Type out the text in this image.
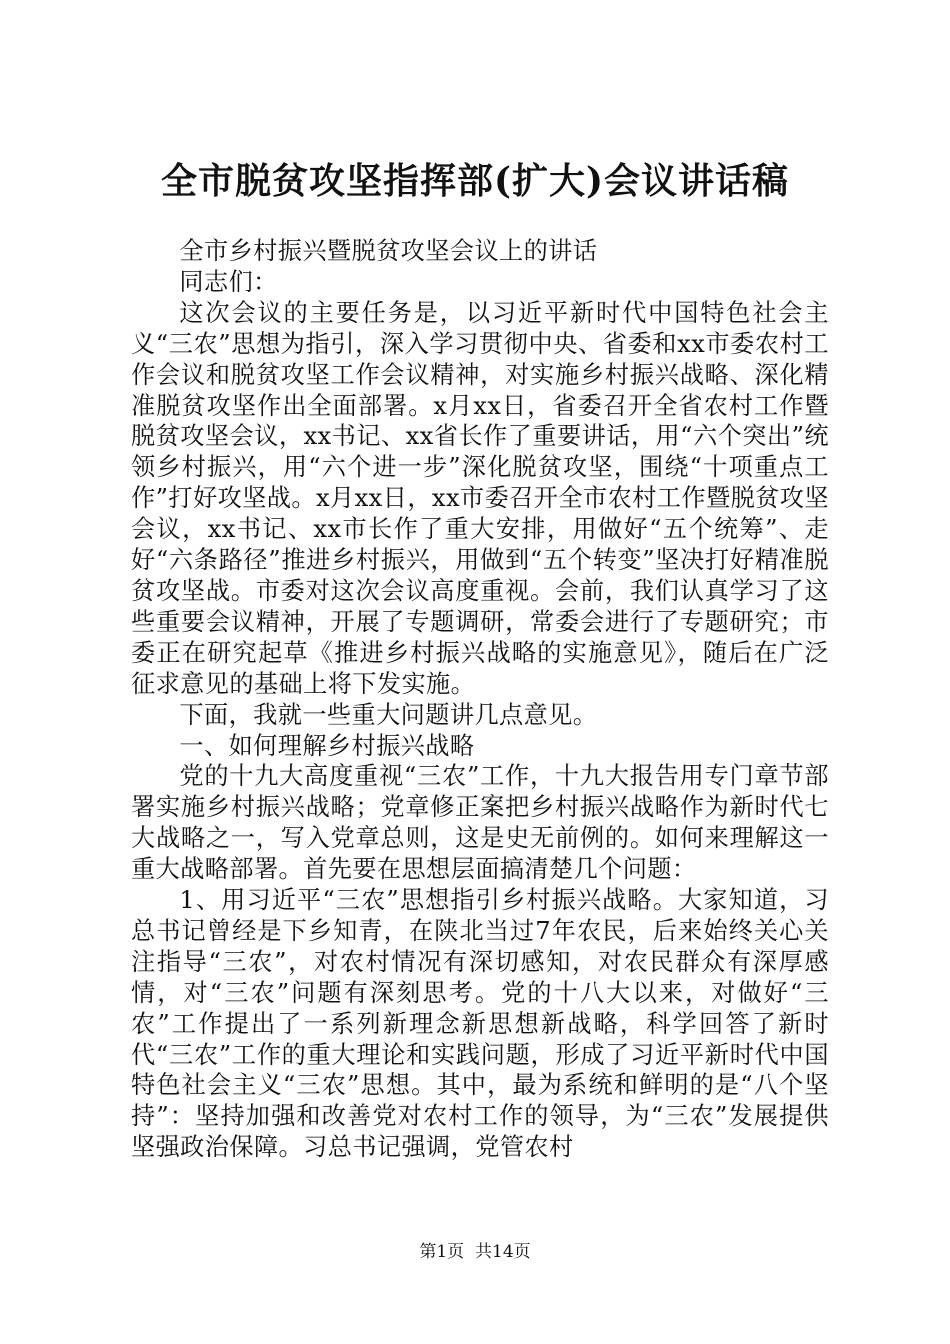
全市脱贫攻坚指挥部(扩大)会议讲话稿

全市乡村振兴暨脱贫攻坚会议上的讲话

同志们：

这次会议的主要任务是，以习近平新时代中国特色社会主义“三农”思想为指引，深入学习贯彻中央、省委和xx市委农村工作会议和脱贫攻坚工作会议精神，对实施乡村振兴战略、深化精准脱贫攻坚作出全面部署。x月xx日，省委召开全省农村工作暨脱贫攻坚会议，xx书记、xx省长作了重要讲话，用“六个突出”统领乡村振兴，用“六个进一步”深化脱贫攻坚，围绕“十项重点工作”打好攻坚战。x月xx日，xx市委召开全市农村工作暨脱贫攻坚会议，xx书记、xx市长作了重大安排，用做好“五个统筹”、走好“六条路径”推进乡村振兴，用做到“五个转变”坚决打好精准脱贫攻坚战。市委对这次会议高度重视。会前，我们认真学习了这些重要会议精神，开展了专题调研，常委会进行了专题研究；市委正在研究起草《推进乡村振兴战略的实施意见》，随后在广泛征求意见的基础上将下发实施。

下面，我就一些重大问题讲几点意见。

一、如何理解乡村振兴战略

党的十九大高度重视“三农”工作，十九大报告用专门章节部署实施乡村振兴战略；党章修正案把乡村振兴战略作为新时代七大战略之一，写入党章总则，这是史无前例的。如何来理解这一重大战略部署。首先要在思想层面搞清楚几个问题：

1、用习近平“三农”思想指引乡村振兴战略。大家知道，习总书记曾经是下乡知青，在陕北当过7年农民，后来始终关心关注指导“三农”，对农村情况有深切感知，对农民群众有深厚感情，对“三农”问题有深刻思考。党的十八大以来，对做好“三农”工作提出了一系列新理念新思想新战略，科学回答了新时代“三农”工作的重大理论和实践问题，形成了习近平新时代中国特色社会主义“三农”思想。其中，最为系统和鲜明的是“八个坚持”：坚持加强和改善党对农村工作的领导，为“三农”发展提供坚强政治保障。习总书记强调，党管农村

第1页 共14页
